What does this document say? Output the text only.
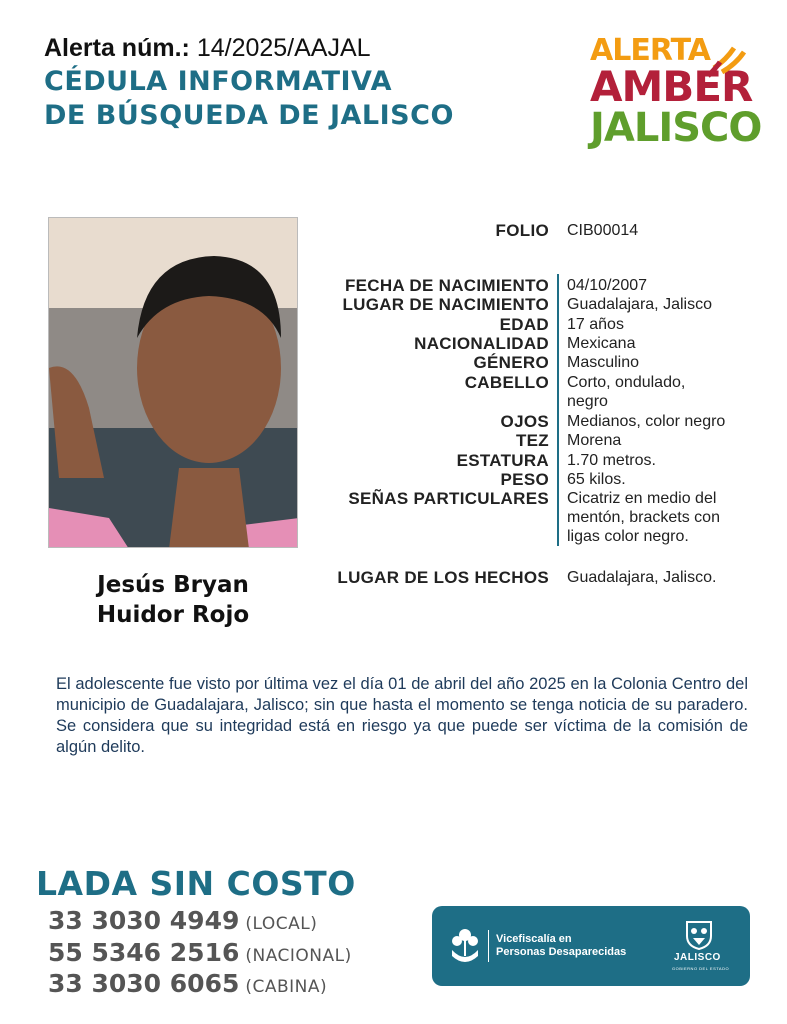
Alerta núm.: 14/2025/AAJAL
CÉDULA INFORMATIVA
DE BÚSQUEDA DE JALISCO
ALERTA
AMBER
JALISCO
Jesús Bryan
Huidor Rojo
FOLIO CIB00014
FECHA DE NACIMIENTO 04/10/2007
LUGAR DE NACIMIENTO Guadalajara, Jalisco
EDAD 17 años
NACIONALIDAD Mexicana
GÉNERO Masculino
CABELLO Corto, ondulado,
negro
OJOS Medianos, color negro
TEZ Morena
ESTATURA 1.70 metros.
PESO 65 kilos.
SEÑAS PARTICULARES Cicatriz en medio del
mentón, brackets con
ligas color negro.
LUGAR DE LOS HECHOS Guadalajara, Jalisco.
El adolescente fue visto por última vez el día 01 de abril del año 2025 en la Colonia Centro del municipio de Guadalajara, Jalisco; sin que hasta el momento se tenga noticia de su paradero. Se considera que su integridad está en riesgo ya que puede ser víctima de la comisión de algún delito.
LADA SIN COSTO
33 3030 4949 (LOCAL)
55 5346 2516 (NACIONAL)
33 3030 6065 (CABINA)
Vicefiscalía en
Personas Desaparecidas	JALISCO
GOBIERNO DEL ESTADO
